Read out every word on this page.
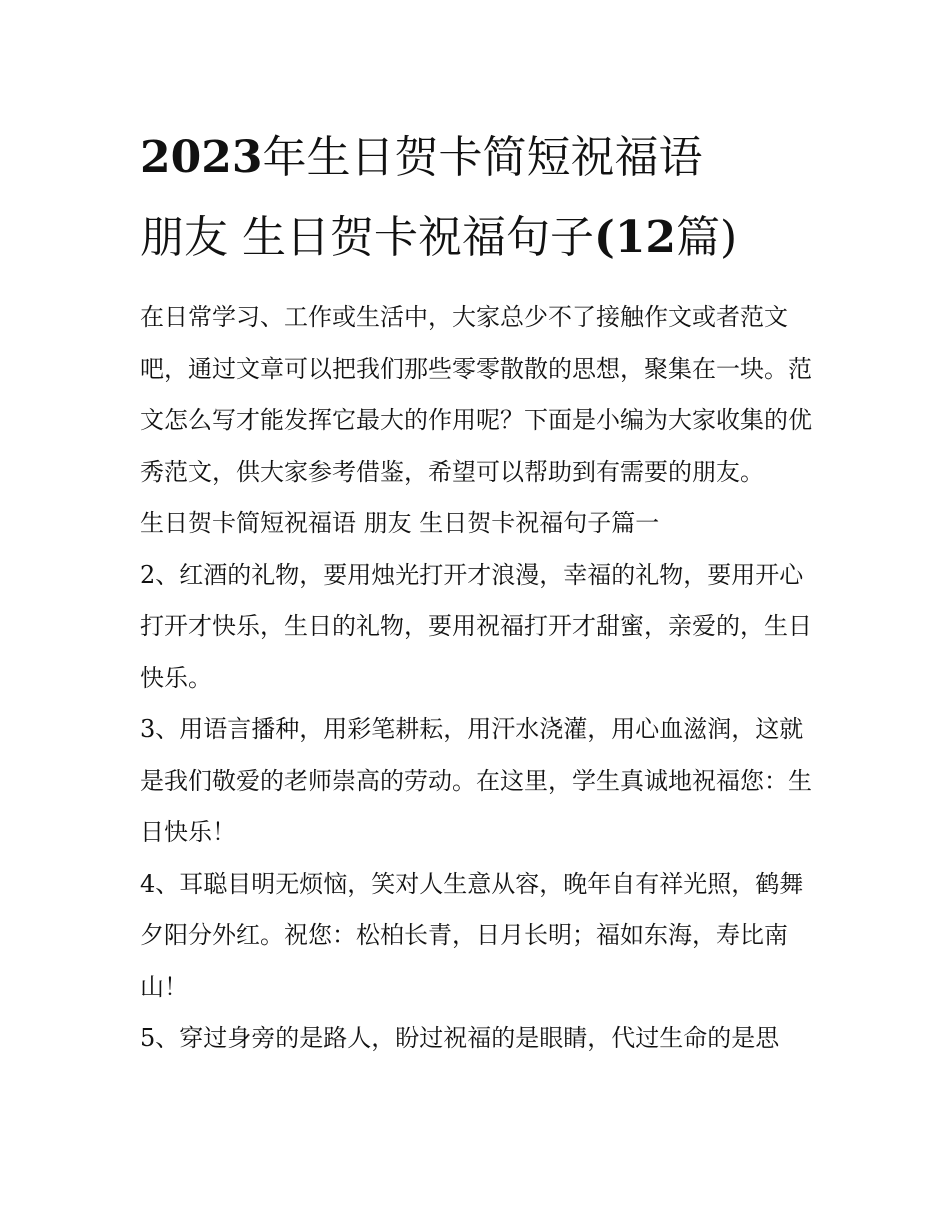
2023年生日贺卡简短祝福语
朋友 生日贺卡祝福句子(12篇)

在日常学习、工作或生活中，大家总少不了接触作文或者范文吧，通过文章可以把我们那些零零散散的思想，聚集在一块。范文怎么写才能发挥它最大的作用呢？下面是小编为大家收集的优秀范文，供大家参考借鉴，希望可以帮助到有需要的朋友。

生日贺卡简短祝福语 朋友 生日贺卡祝福句子篇一

2、红酒的礼物，要用烛光打开才浪漫，幸福的礼物，要用开心打开才快乐，生日的礼物，要用祝福打开才甜蜜，亲爱的，生日快乐。

3、用语言播种，用彩笔耕耘，用汗水浇灌，用心血滋润，这就是我们敬爱的老师崇高的劳动。在这里，学生真诚地祝福您：生日快乐！

4、耳聪目明无烦恼，笑对人生意从容，晚年自有祥光照，鹤舞夕阳分外红。祝您：松柏长青，日月长明；福如东海，寿比南山！

5、穿过身旁的是路人，盼过祝福的是眼睛，代过生命的是思
